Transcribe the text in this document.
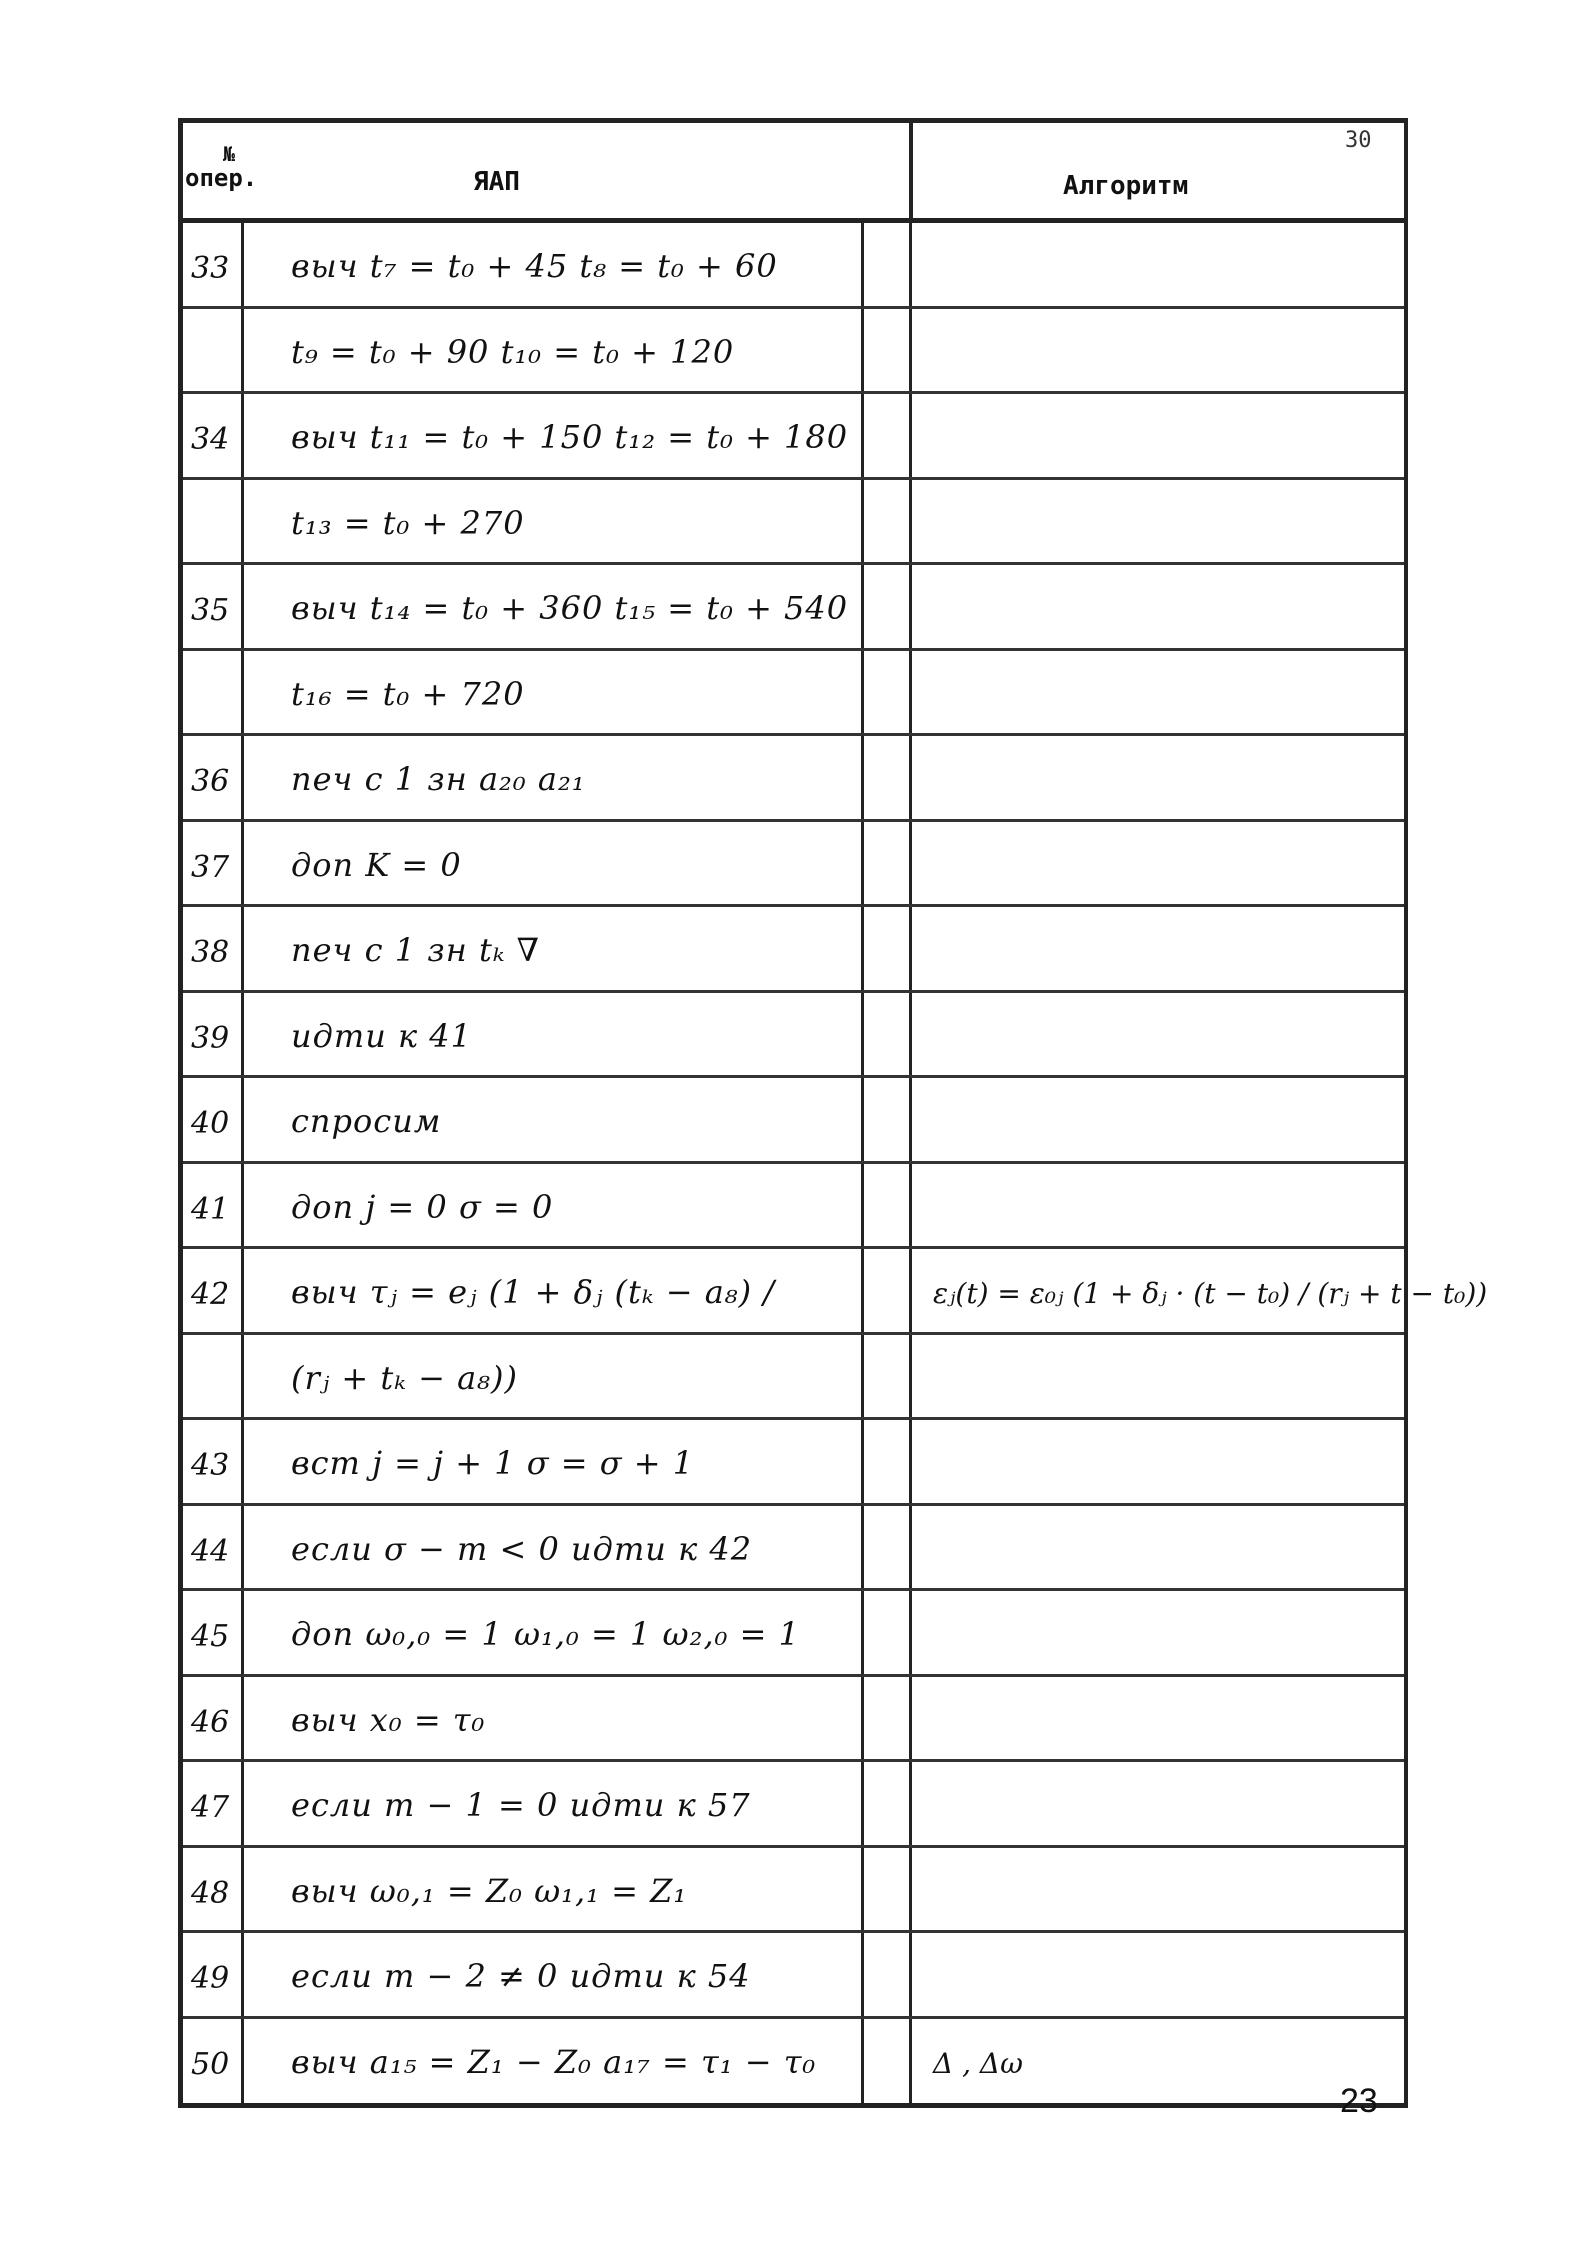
30
№
опер.	ЯАП	Алгоритм
33	выч t₇ = t₀ + 45 t₈ = t₀ + 60
t₉ = t₀ + 90 t₁₀ = t₀ + 120
34	выч t₁₁ = t₀ + 150 t₁₂ = t₀ + 180
t₁₃ = t₀ + 270
35	выч t₁₄ = t₀ + 360 t₁₅ = t₀ + 540
t₁₆ = t₀ + 720
36	печ с 1 зн a₂₀ a₂₁
37	доп K = 0
38	печ с 1 зн tₖ ∇
39	идти к 41
40	спросим
41	доп j = 0 σ = 0
42	выч τⱼ = eⱼ (1 + δⱼ (tₖ − a₈) /	εⱼ(t) = ε₀ⱼ (1 + δⱼ · (t − t₀) / (rⱼ + t − t₀))
(rⱼ + tₖ − a₈))
43	вст j = j + 1 σ = σ + 1
44	если σ − m < 0 идти к 42
45	доп ω₀,₀ = 1 ω₁,₀ = 1 ω₂,₀ = 1
46	выч x₀ = τ₀
47	если m − 1 = 0 идти к 57
48	выч ω₀,₁ = Z₀ ω₁,₁ = Z₁
49	если m − 2 ≠ 0 идти к 54
50	выч a₁₅ = Z₁ − Z₀ a₁₇ = τ₁ − τ₀	Δ , Δω
23
